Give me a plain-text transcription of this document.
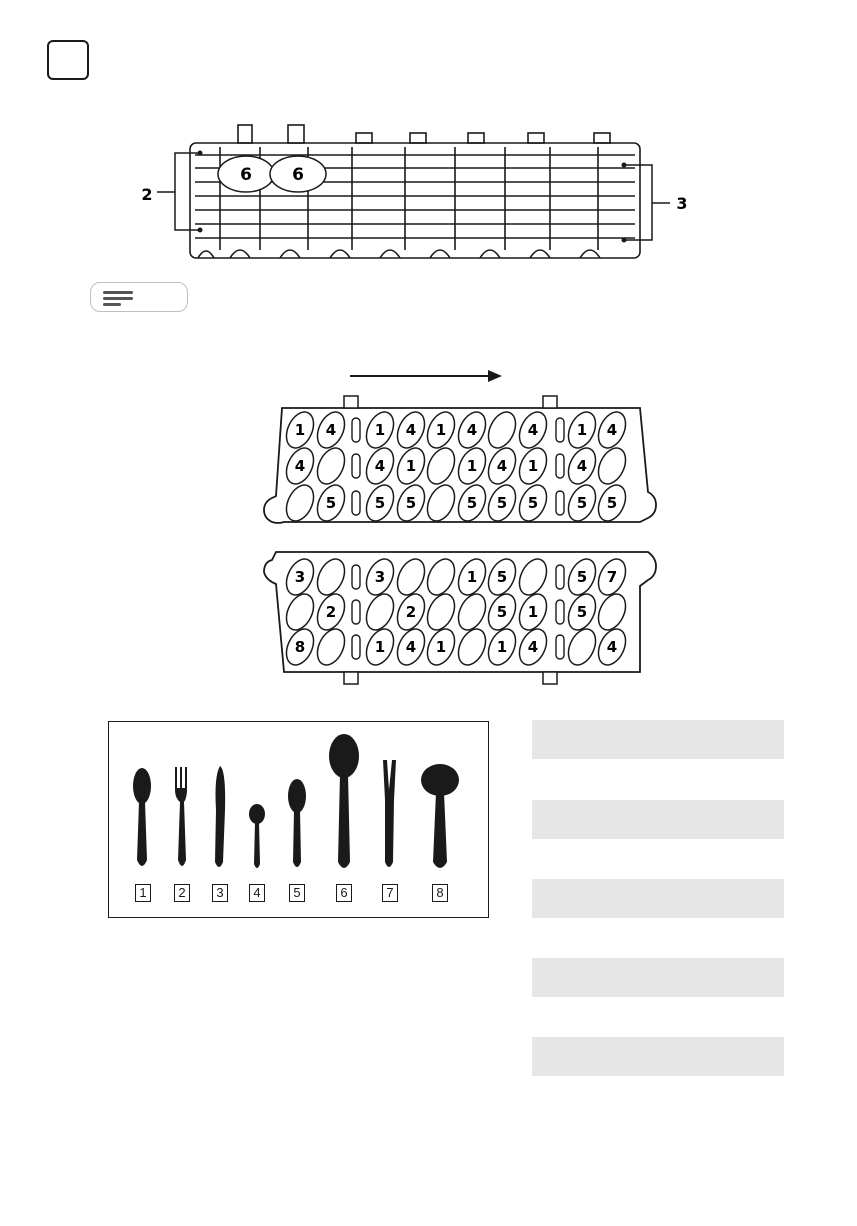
6 6
2	3
1 4	1 4 1 4	4	1 4
4	4 1	1 4 1	4
5	5 5	5 5 5	5 5
3	3	1 5	5 7
2	2	5 1	5
8	1 4 1	1 4	4
1	2	3	4	5	6	7	8
